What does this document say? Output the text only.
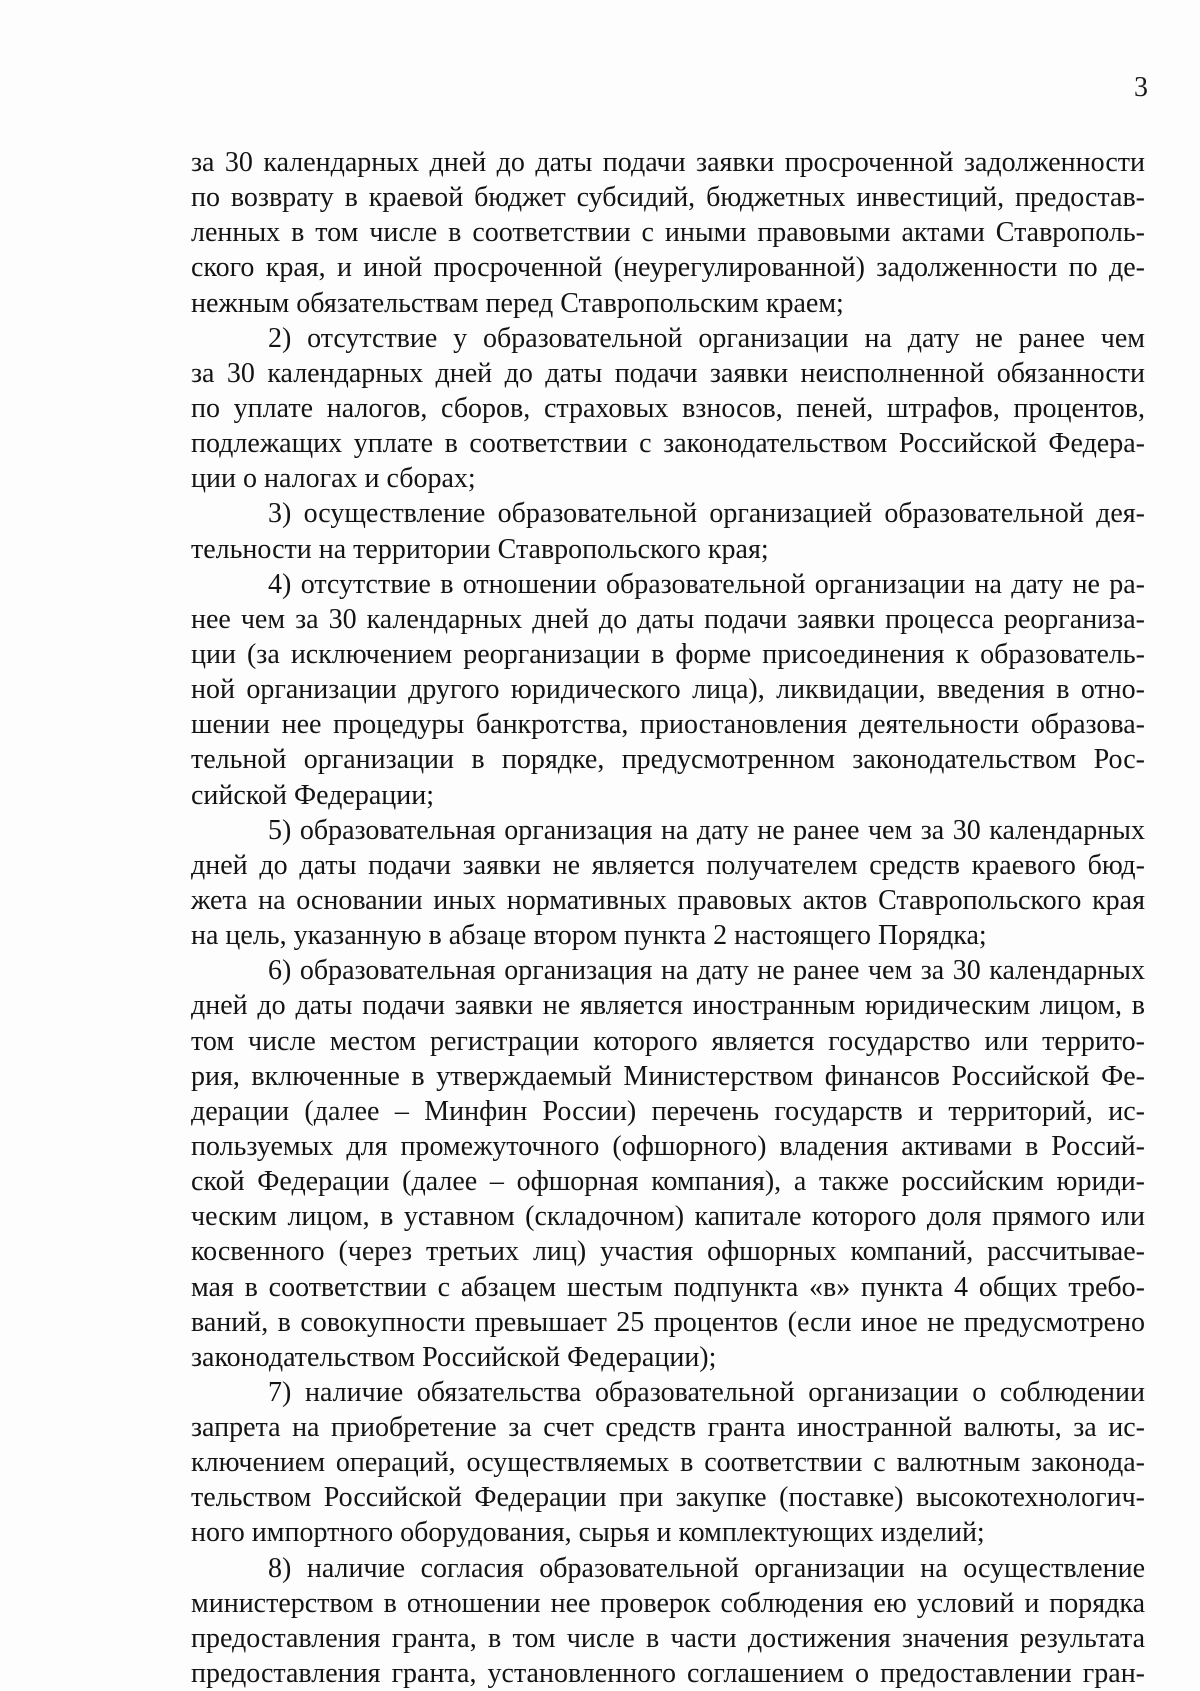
3
за 30 календарных дней до даты подачи заявки просроченной задолженности
по возврату в краевой бюджет субсидий, бюджетных инвестиций, предостав-
ленных в том числе в соответствии с иными правовыми актами Ставрополь-
ского края, и иной просроченной (неурегулированной) задолженности по де-
нежным обязательствам перед Ставропольским краем;
2) отсутствие у образовательной организации на дату не ранее чем
за 30 календарных дней до даты подачи заявки неисполненной обязанности
по уплате налогов, сборов, страховых взносов, пеней, штрафов, процентов,
подлежащих уплате в соответствии с законодательством Российской Федера-
ции о налогах и сборах;
3) осуществление образовательной организацией образовательной дея-
тельности на территории Ставропольского края;
4) отсутствие в отношении образовательной организации на дату не ра-
нее чем за 30 календарных дней до даты подачи заявки процесса реорганиза-
ции (за исключением реорганизации в форме присоединения к образователь-
ной организации другого юридического лица), ликвидации, введения в отно-
шении нее процедуры банкротства, приостановления деятельности образова-
тельной организации в порядке, предусмотренном законодательством Рос-
сийской Федерации;
5) образовательная организация на дату не ранее чем за 30 календарных
дней до даты подачи заявки не является получателем средств краевого бюд-
жета на основании иных нормативных правовых актов Ставропольского края
на цель, указанную в абзаце втором пункта 2 настоящего Порядка;
6) образовательная организация на дату не ранее чем за 30 календарных
дней до даты подачи заявки не является иностранным юридическим лицом, в
том числе местом регистрации которого является государство или террито-
рия, включенные в утверждаемый Министерством финансов Российской Фе-
дерации (далее – Минфин России) перечень государств и территорий, ис-
пользуемых для промежуточного (офшорного) владения активами в Россий-
ской Федерации (далее – офшорная компания), а также российским юриди-
ческим лицом, в уставном (складочном) капитале которого доля прямого или
косвенного (через третьих лиц) участия офшорных компаний, рассчитывае-
мая в соответствии с абзацем шестым подпункта «в» пункта 4 общих требо-
ваний, в совокупности превышает 25 процентов (если иное не предусмотрено
законодательством Российской Федерации);
7) наличие обязательства образовательной организации о соблюдении
запрета на приобретение за счет средств гранта иностранной валюты, за ис-
ключением операций, осуществляемых в соответствии с валютным законода-
тельством Российской Федерации при закупке (поставке) высокотехнологич-
ного импортного оборудования, сырья и комплектующих изделий;
8) наличие согласия образовательной организации на осуществление
министерством в отношении нее проверок соблюдения ею условий и порядка
предоставления гранта, в том числе в части достижения значения результата
предоставления гранта, установленного соглашением о предоставлении гран-
